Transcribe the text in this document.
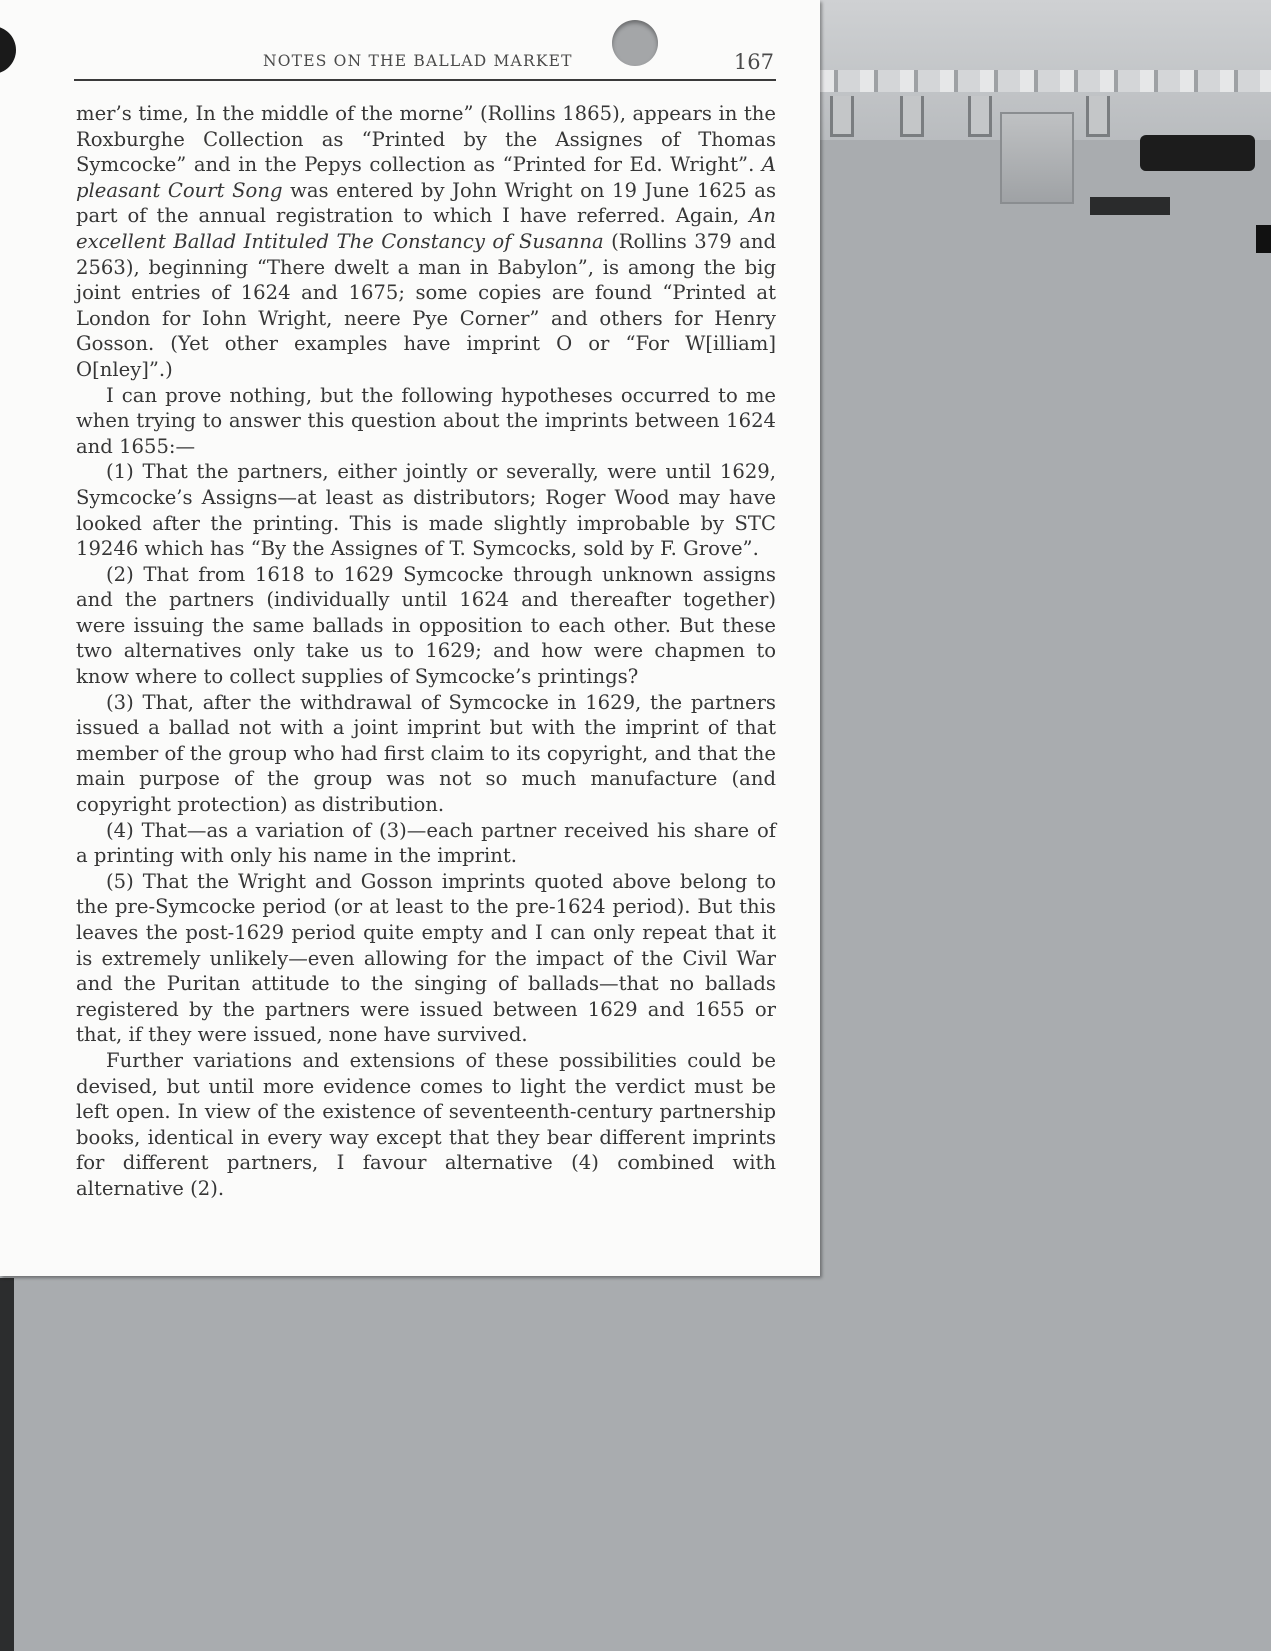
NOTES ON THE BALLAD MARKET	167

mer’s time, In the middle of the morne” (Rollins 1865), appears in the Roxburghe Collection as “Printed by the Assignes of Thomas Symcocke” and in the Pepys collection as “Printed for Ed. Wright”. A pleasant Court Song was entered by John Wright on 19 June 1625 as part of the annual registration to which I have referred. Again, An excellent Ballad Intituled The Constancy of Susanna (Rollins 379 and 2563), beginning “There dwelt a man in Babylon”, is among the big joint entries of 1624 and 1675; some copies are found “Printed at London for Iohn Wright, neere Pye Corner” and others for Henry Gosson. (Yet other examples have imprint O or “For W[illiam] O[nley]”.)

I can prove nothing, but the following hypotheses occurred to me when trying to answer this question about the imprints between 1624 and 1655:—

(1) That the partners, either jointly or severally, were until 1629, Symcocke’s Assigns—at least as distributors; Roger Wood may have looked after the printing. This is made slightly improbable by STC 19246 which has “By the Assignes of T. Symcocks, sold by F. Grove”.

(2) That from 1618 to 1629 Symcocke through unknown assigns and the partners (individually until 1624 and thereafter together) were issuing the same ballads in opposition to each other. But these two alternatives only take us to 1629; and how were chapmen to know where to collect supplies of Symcocke’s printings?

(3) That, after the withdrawal of Symcocke in 1629, the partners issued a ballad not with a joint imprint but with the imprint of that member of the group who had first claim to its copyright, and that the main purpose of the group was not so much manufacture (and copyright protection) as distribution.

(4) That—as a variation of (3)—each partner received his share of a printing with only his name in the imprint.

(5) That the Wright and Gosson imprints quoted above belong to the pre-Symcocke period (or at least to the pre-1624 period). But this leaves the post-1629 period quite empty and I can only repeat that it is extremely unlikely—even allowing for the impact of the Civil War and the Puritan attitude to the singing of ballads—that no ballads registered by the partners were issued between 1629 and 1655 or that, if they were issued, none have survived.

Further variations and extensions of these possibilities could be devised, but until more evidence comes to light the verdict must be left open. In view of the existence of seventeenth-century partnership books, identical in every way except that they bear different imprints for different partners, I favour alternative (4) combined with alternative (2).
